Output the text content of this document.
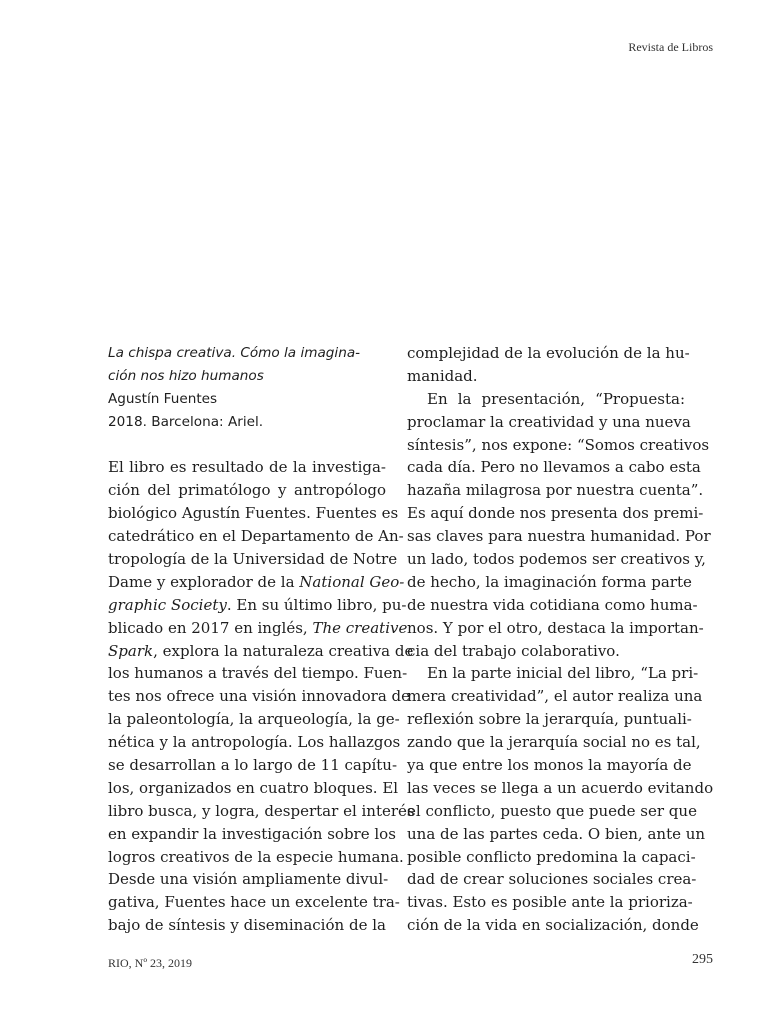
Revista de Libros
La chispa creativa. Cómo la imagina-
ción nos hizo humanos
Agustín Fuentes
2018. Barcelona: Ariel.
El libro es resultado de la investiga-
ción del primatólogo y antropólogo
biológico Agustín Fuentes. Fuentes es
catedrático en el Departamento de An-
tropología de la Universidad de Notre
Dame y explorador de la National Geo-
graphic Society. En su último libro, pu-
blicado en 2017 en inglés, The creative
Spark, explora la naturaleza creativa de
los humanos a través del tiempo. Fuen-
tes nos ofrece una visión innovadora de
la paleontología, la arqueología, la ge-
nética y la antropología. Los hallazgos
se desarrollan a lo largo de 11 capítu-
los, organizados en cuatro bloques. El
libro busca, y logra, despertar el interés
en expandir la investigación sobre los
logros creativos de la especie humana.
Desde una visión ampliamente divul-
gativa, Fuentes hace un excelente tra-
bajo de síntesis y diseminación de la
complejidad de la evolución de la hu-
manidad.
En la presentación, “Propuesta:
proclamar la creatividad y una nueva
síntesis”, nos expone: “Somos creativos
cada día. Pero no llevamos a cabo esta
hazaña milagrosa por nuestra cuenta”.
Es aquí donde nos presenta dos premi-
sas claves para nuestra humanidad. Por
un lado, todos podemos ser creativos y,
de hecho, la imaginación forma parte
de nuestra vida cotidiana como huma-
nos. Y por el otro, destaca la importan-
cia del trabajo colaborativo.
En la parte inicial del libro, “La pri-
mera creatividad”, el autor realiza una
reflexión sobre la jerarquía, puntuali-
zando que la jerarquía social no es tal,
ya que entre los monos la mayoría de
las veces se llega a un acuerdo evitando
el conflicto, puesto que puede ser que
una de las partes ceda. O bien, ante un
posible conflicto predomina la capaci-
dad de crear soluciones sociales crea-
tivas. Esto es posible ante la prioriza-
ción de la vida en socialización, donde
RIO, Nº 23, 2019	295
